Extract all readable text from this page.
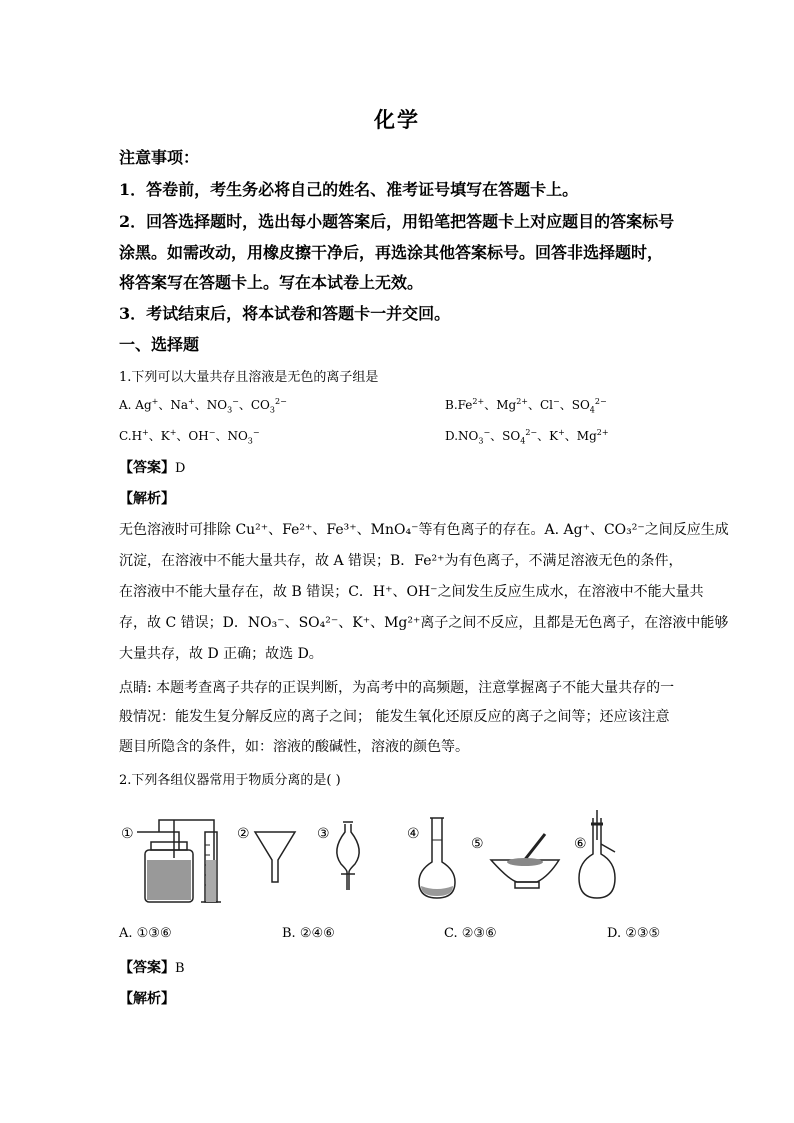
化学
注意事项：
1．答卷前，考生务必将自己的姓名、准考证号填写在答题卡上。
2．回答选择题时，选出每小题答案后，用铅笔把答题卡上对应题目的答案标号
涂黑。如需改动，用橡皮擦干净后，再选涂其他答案标号。回答非选择题时，
将答案写在答题卡上。写在本试卷上无效。
3．考试结束后，将本试卷和答题卡一并交回。
一、选择题
1.下列可以大量共存且溶液是无色的离子组是
A. Ag+、Na+、$NO_3^-$、$CO_3^{2-}$	$B.Fe^{2+}$、$Mg^{2+}$、Cl−、$SO_4^{2-}$
C.H+、K+、OH−、$NO_3^-$	$D.NO_3^-$、$SO_4^{2-}$、K+、$Mg^{2+}$
【答案】D
【解析】
无色溶液时可排除 Cu²⁺、Fe²⁺、Fe³⁺、MnO₄⁻等有色离子的存在。A. Ag⁺、CO₃²⁻之间反应生成
沉淀，在溶液中不能大量共存，故 A 错误；B．Fe²⁺为有色离子，不满足溶液无色的条件，
在溶液中不能大量存在，故 B 错误；C．H⁺、OH⁻之间发生反应生成水，在溶液中不能大量共
存，故 C 错误；D．NO₃⁻、SO₄²⁻、K⁺、Mg²⁺离子之间不反应，且都是无色离子，在溶液中能够
大量共存，故 D 正确；故选 D。
点睛: 本题考查离子共存的正误判断，为高考中的高频题，注意掌握离子不能大量共存的一
般情况：能发生复分解反应的离子之间； 能发生氧化还原反应的离子之间等；还应该注意
题目所隐含的条件，如：溶液的酸碱性，溶液的颜色等。
2.下列各组仪器常用于物质分离的是( )
①	②	③	④
⑤	⑥
A. ①③⑥	B. ②④⑥	C. ②③⑥	D. ②③⑤
【答案】B
【解析】
